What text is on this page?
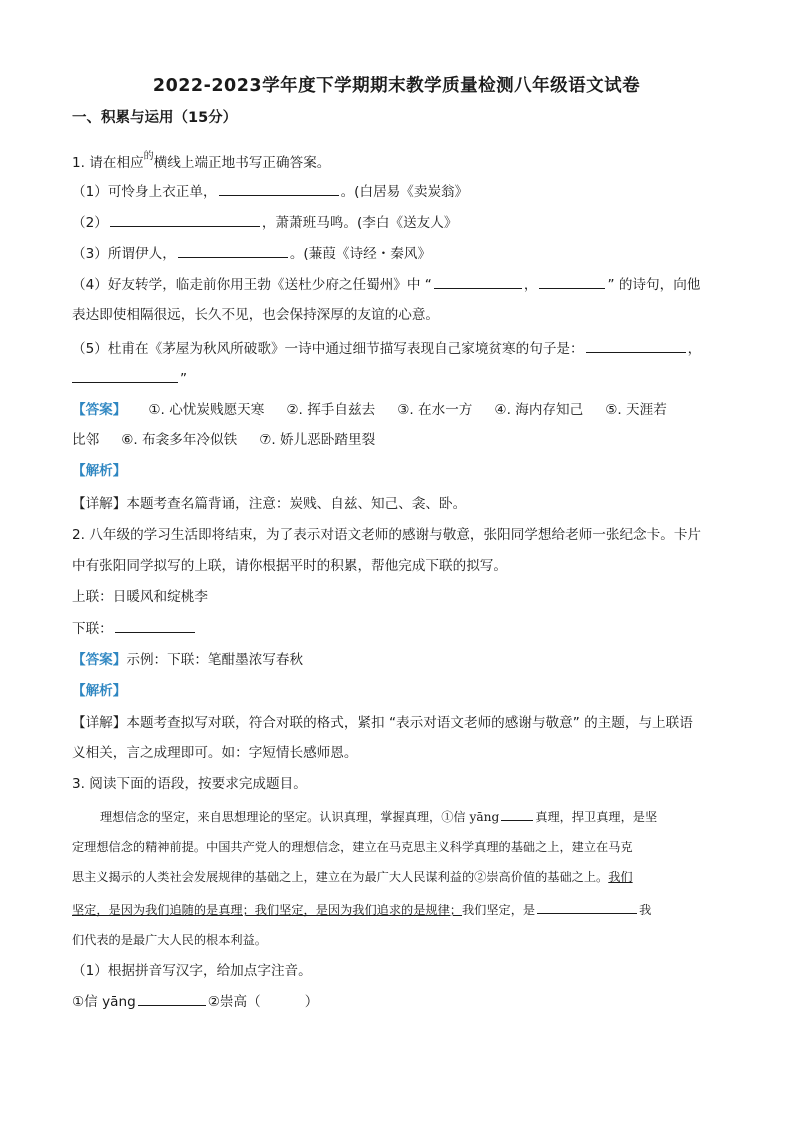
2022-2023学年度下学期期末教学质量检测八年级语文试卷
一、积累与运用（15分）
1. 请在相应$^的$横线上端正地书写正确答案。
（1）可怜身上衣正单，	。(白居易《卖炭翁》
（2）	，萧萧班马鸣。(李白《送友人》
（3）所谓伊人，	。(蒹葭《诗经・秦风》
（4）好友转学，临走前你用王勃《送杜少府之任蜀州》中 “	，	” 的诗句，向他
表达即使相隔很远，长久不见，也会保持深厚的友谊的心意。
（5）杜甫在《茅屋为秋风所破歌》一诗中通过细节描写表现自己家境贫寒的句子是：	，
”
【答案】 ①. 心忧炭贱愿天寒 ②. 挥手自兹去 ③. 在水一方 ④. 海内存知己 ⑤. 天涯若
比邻 ⑥. 布衾多年冷似铁 ⑦. 娇儿恶卧踏里裂
【解析】
【详解】本题考查名篇背诵，注意：炭贱、自兹、知己、衾、卧。
2. 八年级的学习生活即将结束，为了表示对语文老师的感谢与敬意，张阳同学想给老师一张纪念卡。卡片
中有张阳同学拟写的上联，请你根据平时的积累，帮他完成下联的拟写。
上联：日暖风和绽桃李
下联：
【答案】示例：下联：笔酣墨浓写春秋
【解析】
【详解】本题考查拟写对联，符合对联的格式，紧扣 “表示对语文老师的感谢与敬意” 的主题，与上联语
义相关，言之成理即可。如：字短情长感师恩。
3. 阅读下面的语段，按要求完成题目。
理想信念的坚定，来自思想理论的坚定。认识真理，掌握真理，①信 yāng	真理，捍卫真理，是坚
定理想信念的精神前提。中国共产党人的理想信念，建立在马克思主义科学真理的基础之上，建立在马克
思主义揭示的人类社会发展规律的基础之上，建立在为最广大人民谋利益的②崇高价值的基础之上。我们
坚定，是因为我们追随的是真理；我们坚定，是因为我们追求的是规律；我们坚定，是	我
们代表的是最广大人民的根本利益。
（1）根据拼音写汉字，给加点字注音。
①信 yāng	②崇高（	）
